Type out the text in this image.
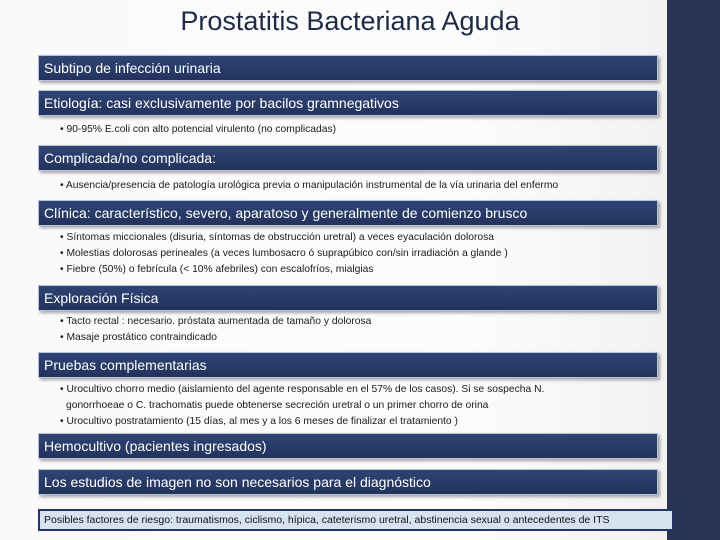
Prostatitis Bacteriana Aguda
Subtipo de infección urinaria
Etiología: casi exclusivamente por bacilos gramnegativos
• 90-95% E.coli con alto potencial virulento (no complicadas)
Complicada/no complicada:
• Ausencia/presencia de patología urológica previa o manipulación instrumental de la vía urinaria del enfermo
Clínica: característico, severo, aparatoso y generalmente de comienzo brusco
• Síntomas miccionales (disuria, síntomas de obstrucción uretral) a veces eyaculación dolorosa
• Molestias dolorosas perineales (a veces lumbosacro ó suprapúbico con/sin irradiación a glande )
• Fiebre (50%) o febrícula (< 10% afebriles) con escalofríos, mialgias
Exploración Física
• Tacto rectal : necesario. próstata aumentada de tamaño y dolorosa
• Masaje prostático contraindicado
Pruebas complementarias
• Urocultivo chorro medio (aislamiento del agente responsable en el 57% de los casos). Si se sospecha N.
gonorrhoeae o C. trachomatis puede obtenerse secreción uretral o un primer chorro de orina
• Urocultivo postratamiento (15 días, al mes y a los 6 meses de finalizar el tratamiento )
Hemocultivo (pacientes ingresados)
Los estudios de imagen no son necesarios para el diagnóstico
Posibles factores de riesgo: traumatismos, ciclismo, hípica, cateterismo uretral, abstinencia sexual o antecedentes de ITS
